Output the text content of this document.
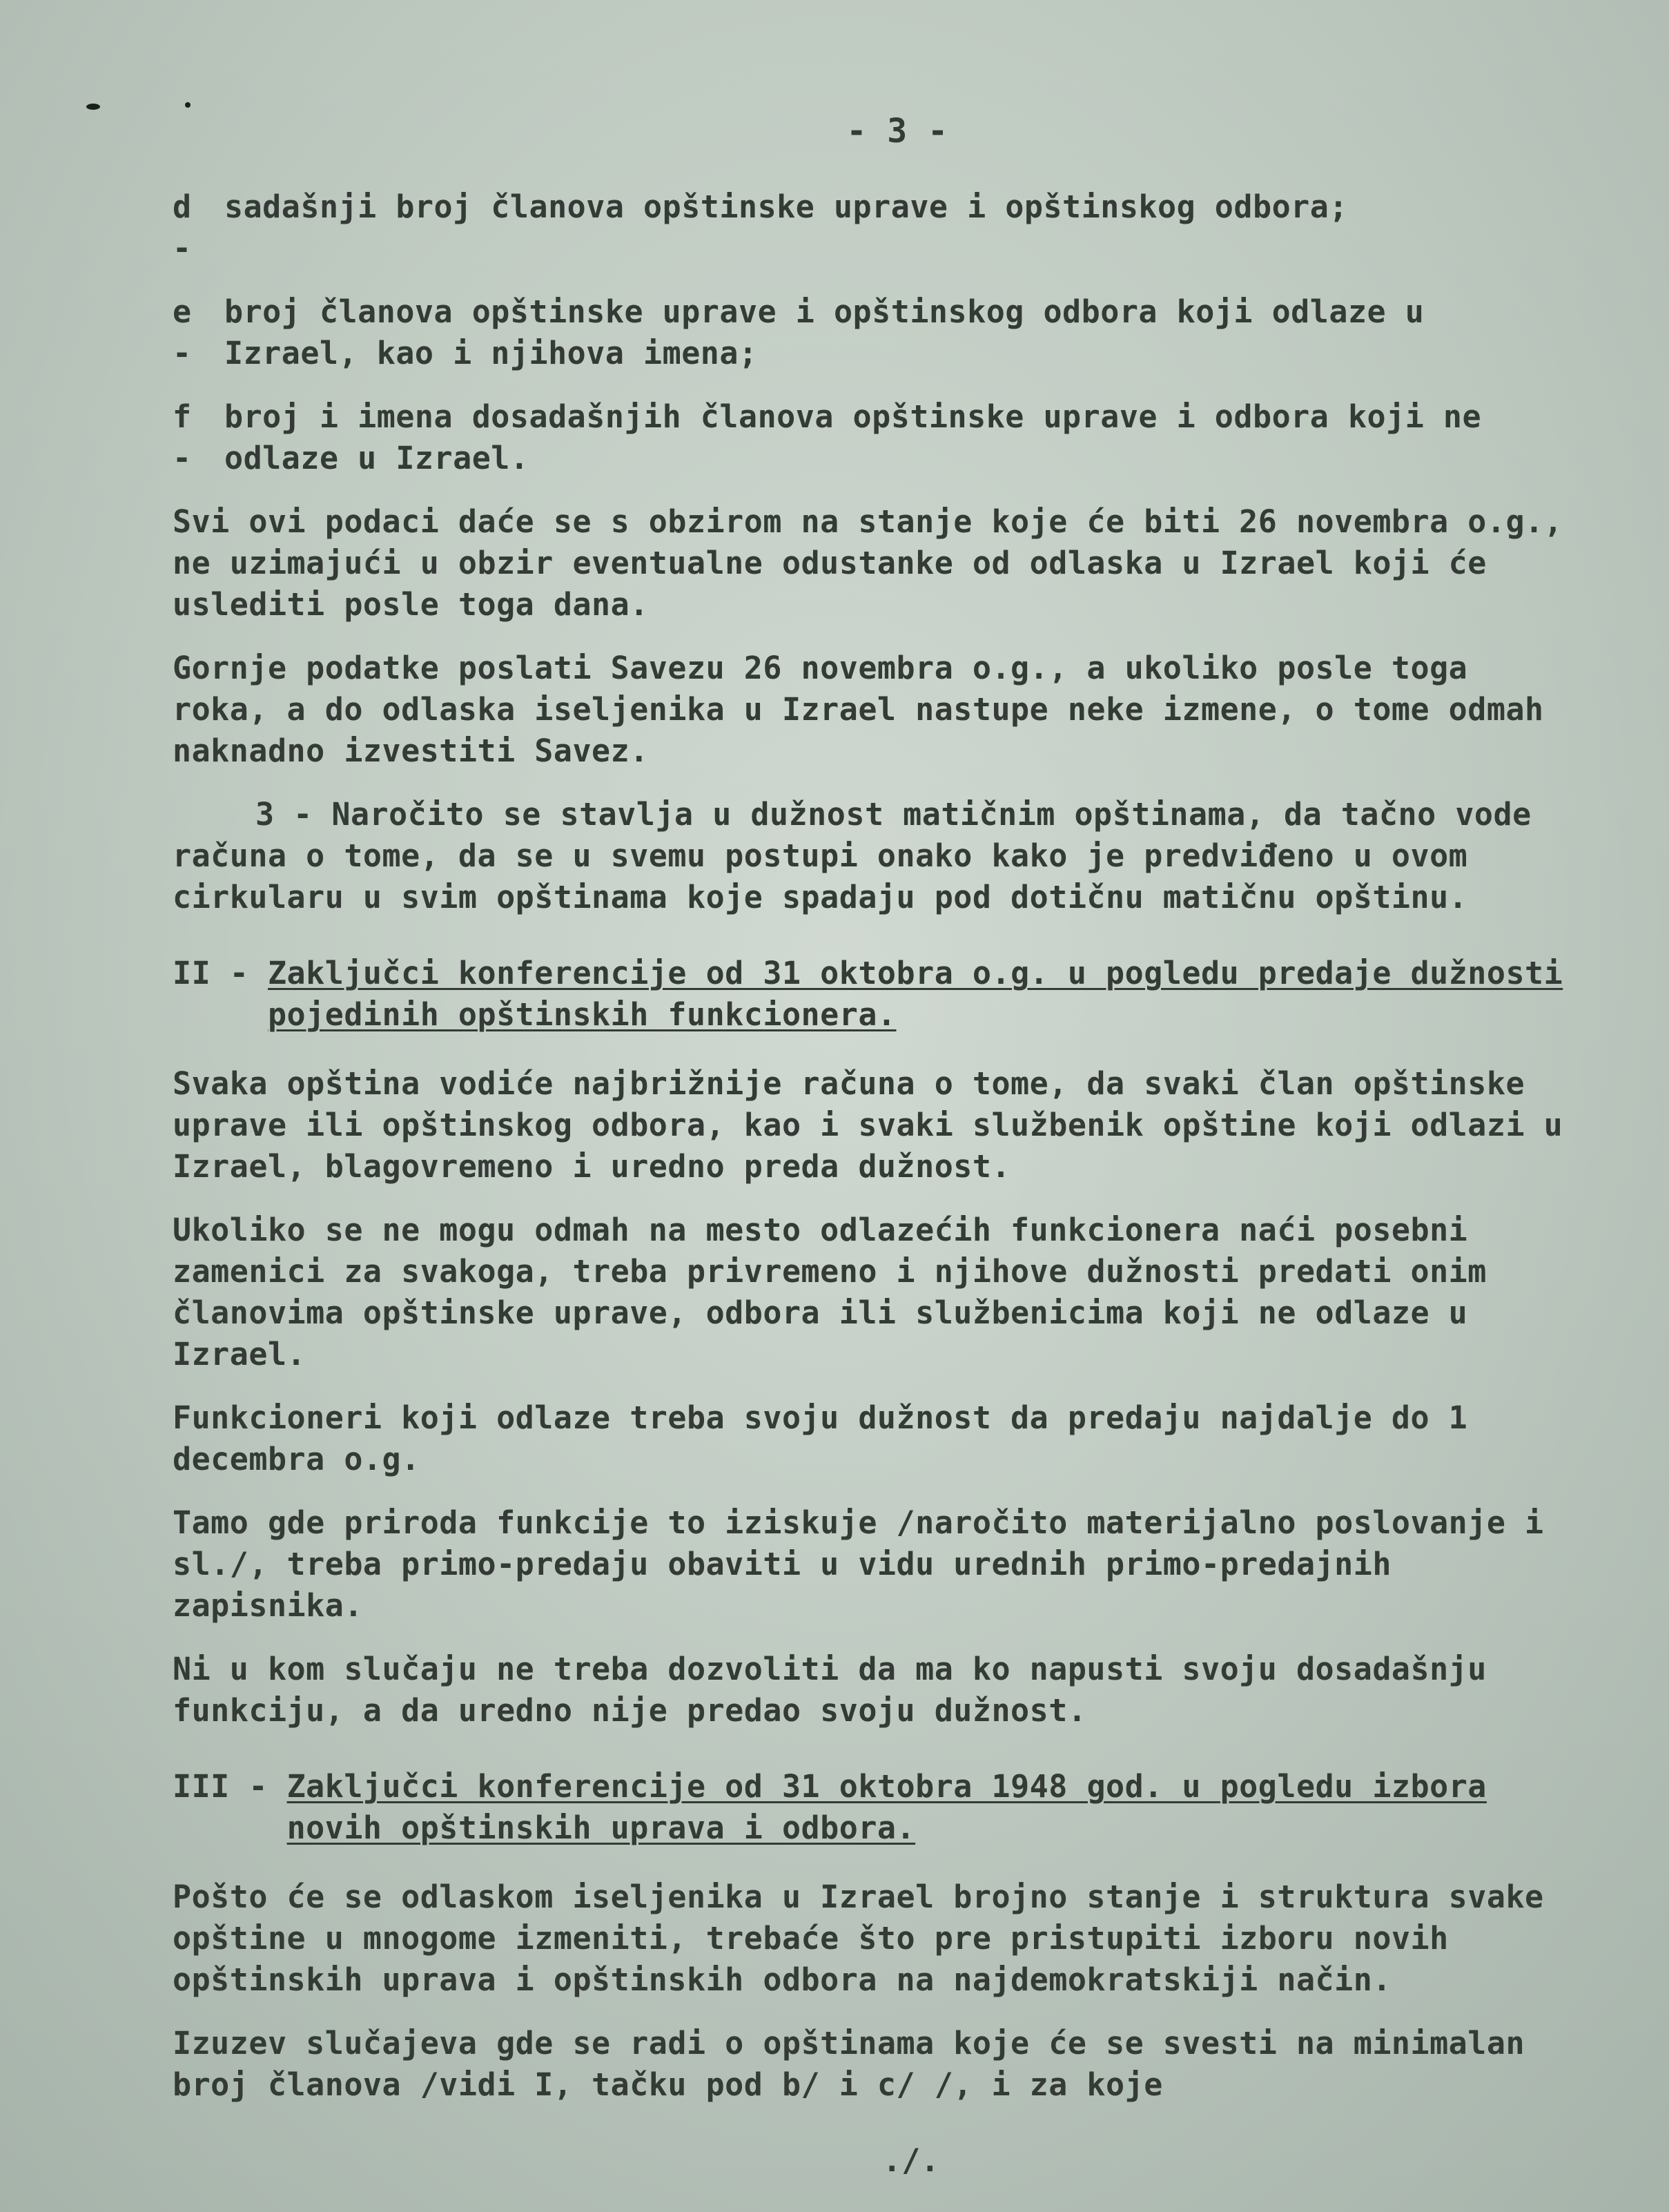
- 3 -
d -
sadašnji broj članova opštinske uprave i opštinskog odbora;
e -
broj članova opštinske uprave i opštinskog odbora koji odlaze u Izrael, kao i njihova imena;
f -
broj i imena dosadašnjih članova opštinske uprave i odbora koji ne odlaze u Izrael.

Svi ovi podaci daće se s obzirom na stanje koje će biti 26 novembra o.g., ne uzimajući u obzir eventualne odustanke od odlaska u Izrael koji će uslediti posle toga dana.

Gornje podatke poslati Savezu 26 novembra o.g., a ukoliko posle toga roka, a do odlaska iseljenika u Izrael nastupe neke izmene, o tome odmah naknadno izvestiti Savez.

3 - Naročito se stavlja u dužnost matičnim opštinama, da tačno vode računa o tome, da se u svemu postupi onako kako je predviđeno u ovom cirkularu u svim opštinama koje spadaju pod dotičnu matičnu opštinu.

II - Zaključci konferencije od 31 oktobra o.g. u pogledu predaje dužnosti pojedinih opštinskih funkcionera.

Svaka opština vodiće najbrižnije računa o tome, da svaki član opštinske uprave ili opštinskog odbora, kao i svaki službenik opštine koji odlazi u Izrael, blagovremeno i uredno preda dužnost.

Ukoliko se ne mogu odmah na mesto odlazećih funkcionera naći posebni zamenici za svakoga, treba privremeno i njihove dužnosti predati onim članovima opštinske uprave, odbora ili službenicima koji ne odlaze u Izrael.

Funkcioneri koji odlaze treba svoju dužnost da predaju najdalje do 1 decembra o.g.

Tamo gde priroda funkcije to iziskuje /naročito materijalno poslovanje i sl./, treba primo-predaju obaviti u vidu urednih primo-predajnih zapisnika.

Ni u kom slučaju ne treba dozvoliti da ma ko napusti svoju dosadašnju funkciju, a da uredno nije predao svoju dužnost.

III - Zaključci konferencije od 31 oktobra 1948 god. u pogledu izbora novih opštinskih uprava i odbora.

Pošto će se odlaskom iseljenika u Izrael brojno stanje i struktura svake opštine u mnogome izmeniti, trebaće što pre pristupiti izboru novih opštinskih uprava i opštinskih odbora na najdemokratskiji način.

Izuzev slučajeva gde se radi o opštinama koje će se svesti na minimalan broj članova /vidi I, tačku pod b/ i c/ /, i za koje

./.
